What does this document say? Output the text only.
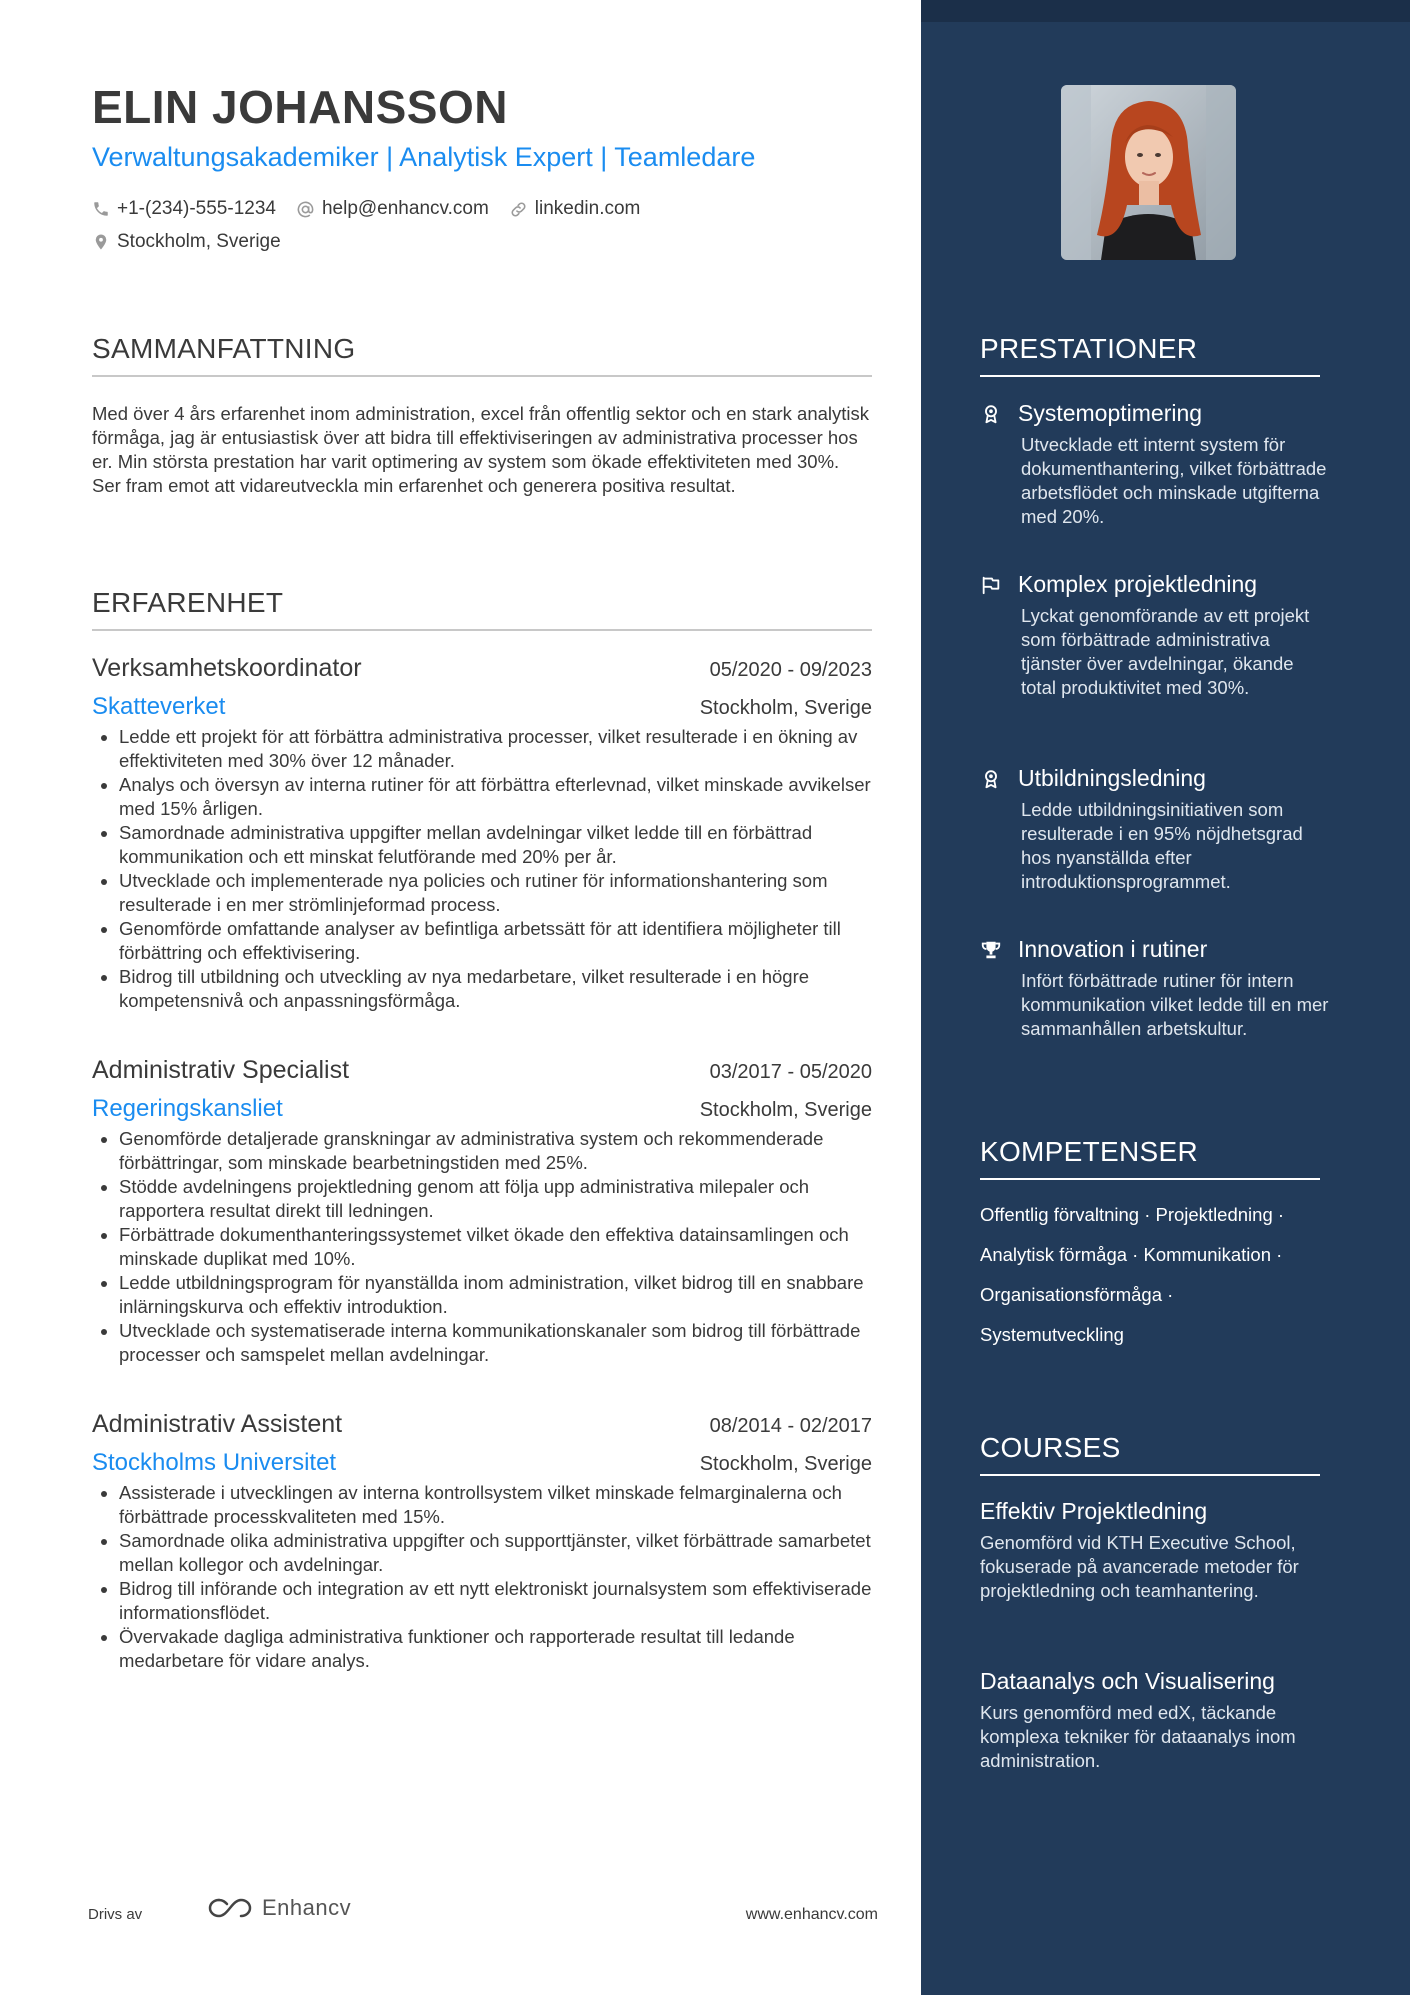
ELIN JOHANSSON
Verwaltungsakademiker | Analytisk Expert | Teamledare
+1-(234)-555-1234 help@enhancv.com linkedin.com
Stockholm, Sverige
SAMMANFATTNING

Med över 4 års erfarenhet inom administration, excel från offentlig sektor och en stark analytisk förmåga, jag är entusiastisk över att bidra till effektiviseringen av administrativa processer hos er. Min största prestation har varit optimering av system som ökade effektiviteten med 30%. Ser fram emot att vidareutveckla min erfarenhet och generera positiva resultat.

ERFARENHET
Verksamhetskoordinator	05/2020 - 09/2023
Skatteverket	Stockholm, Sverige
• Ledde ett projekt för att förbättra administrativa processer, vilket resulterade i en ökning av effektiviteten med 30% över 12 månader.
• Analys och översyn av interna rutiner för att förbättra efterlevnad, vilket minskade avvikelser med 15% årligen.
• Samordnade administrativa uppgifter mellan avdelningar vilket ledde till en förbättrad kommunikation och ett minskat felutförande med 20% per år.
• Utvecklade och implementerade nya policies och rutiner för informationshantering som resulterade i en mer strömlinjeformad process.
• Genomförde omfattande analyser av befintliga arbetssätt för att identifiera möjligheter till förbättring och effektivisering.
• Bidrog till utbildning och utveckling av nya medarbetare, vilket resulterade i en högre kompetensnivå och anpassningsförmåga.
Administrativ Specialist	03/2017 - 05/2020
Regeringskansliet	Stockholm, Sverige
• Genomförde detaljerade granskningar av administrativa system och rekommenderade förbättringar, som minskade bearbetningstiden med 25%.
• Stödde avdelningens projektledning genom att följa upp administrativa milepaler och rapportera resultat direkt till ledningen.
• Förbättrade dokumenthanteringssystemet vilket ökade den effektiva datainsamlingen och minskade duplikat med 10%.
• Ledde utbildningsprogram för nyanställda inom administration, vilket bidrog till en snabbare inlärningskurva och effektiv introduktion.
• Utvecklade och systematiserade interna kommunikationskanaler som bidrog till förbättrade processer och samspelet mellan avdelningar.
Administrativ Assistent	08/2014 - 02/2017
Stockholms Universitet	Stockholm, Sverige
• Assisterade i utvecklingen av interna kontrollsystem vilket minskade felmarginalerna och förbättrade processkvaliteten med 15%.
• Samordnade olika administrativa uppgifter och supporttjänster, vilket förbättrade samarbetet mellan kollegor och avdelningar.
• Bidrog till införande och integration av ett nytt elektroniskt journalsystem som effektiviserade informationsflödet.
• Övervakade dagliga administrativa funktioner och rapporterade resultat till ledande medarbetare för vidare analys.
Drivs av	Enhancv	www.enhancv.com
PRESTATIONER
Systemoptimering
Utvecklade ett internt system för dokumenthantering, vilket förbättrade arbetsflödet och minskade utgifterna med 20%.
Komplex projektledning
Lyckat genomförande av ett projekt som förbättrade administrativa tjänster över avdelningar, ökande total produktivitet med 30%.
Utbildningsledning
Ledde utbildningsinitiativen som resulterade i en 95% nöjdhetsgrad hos nyanställda efter introduktionsprogrammet.
Innovation i rutiner
Infört förbättrade rutiner för intern kommunikation vilket ledde till en mer sammanhållen arbetskultur.
KOMPETENSER
Offentlig förvaltning · Projektledning ·
Analytisk förmåga · Kommunikation ·
Organisationsförmåga ·
Systemutveckling
COURSES
Effektiv Projektledning
Genomförd vid KTH Executive School, fokuserade på avancerade metoder för projektledning och teamhantering.
Dataanalys och Visualisering
Kurs genomförd med edX, täckande komplexa tekniker för dataanalys inom administration.
